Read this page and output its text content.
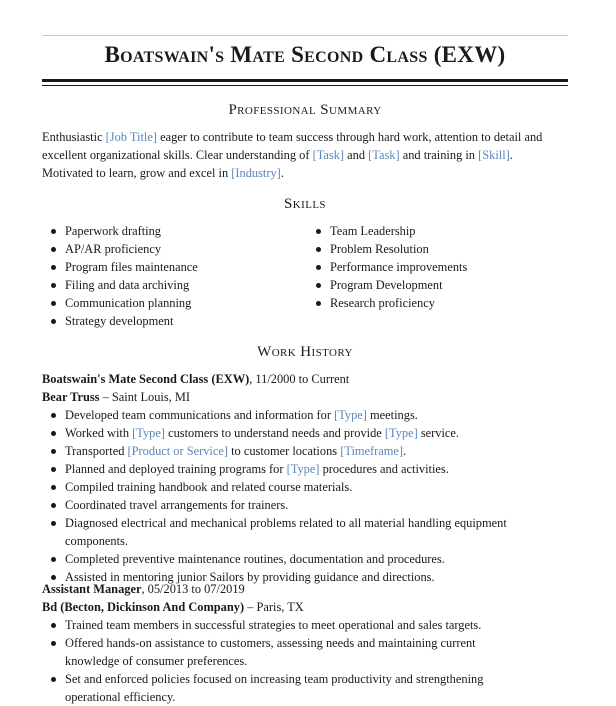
Boatswain's Mate Second Class (EXW)
Professional Summary

Enthusiastic [Job Title] eager to contribute to team success through hard work, attention to detail and excellent organizational skills. Clear understanding of [Task] and [Task] and training in [Skill]. Motivated to learn, grow and excel in [Industry].

Skills
Paperwork drafting
AP/AR proficiency
Program files maintenance
Filing and data archiving
Communication planning
Strategy development
Team Leadership
Problem Resolution
Performance improvements
Program Development
Research proficiency
Work History
Boatswain's Mate Second Class (EXW), 11/2000 to Current
Bear Truss – Saint Louis, MI
Developed team communications and information for [Type] meetings.
Worked with [Type] customers to understand needs and provide [Type] service.
Transported [Product or Service] to customer locations [Timeframe].
Planned and deployed training programs for [Type] procedures and activities.
Compiled training handbook and related course materials.
Coordinated travel arrangements for trainers.
Diagnosed electrical and mechanical problems related to all material handling equipment components.
Completed preventive maintenance routines, documentation and procedures.
Assisted in mentoring junior Sailors by providing guidance and directions.
Assistant Manager, 05/2013 to 07/2019
Bd (Becton, Dickinson And Company) – Paris, TX
Trained team members in successful strategies to meet operational and sales targets.
Offered hands-on assistance to customers, assessing needs and maintaining current knowledge of consumer preferences.
Set and enforced policies focused on increasing team productivity and strengthening operational efficiency.
